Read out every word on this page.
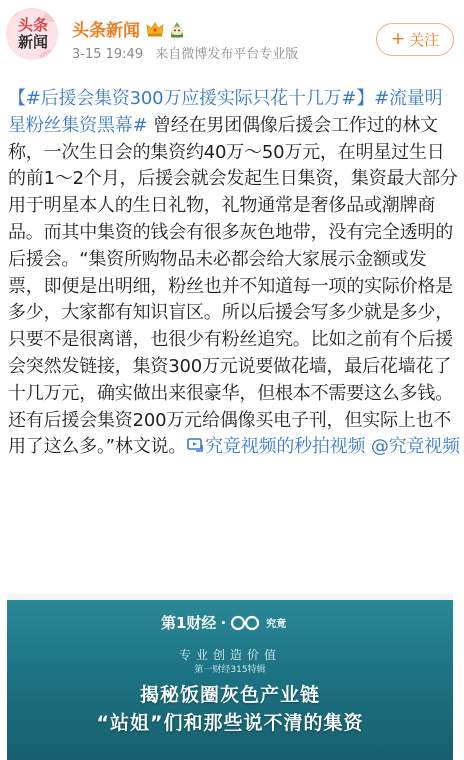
头条
新闻
头条新闻
3-15 19:49 来自微博发布平台专业版
+ 关注
【#后援会集资300万应援实际只花十几万#】#流量明星粉丝集资黑幕# 曾经在男团偶像后援会工作过的林文称，一次生日会的集资约40万～50万元，在明星过生日的前1～2个月，后援会就会发起生日集资，集资最大部分用于明星本人的生日礼物，礼物通常是奢侈品或潮牌商品。而其中集资的钱会有很多灰色地带，没有完全透明的后援会。“集资所购物品未必都会给大家展示金额或发票，即便是出明细，粉丝也并不知道每一项的实际价格是多少，大家都有知识盲区。所以后援会写多少就是多少，只要不是很离谱，也很少有粉丝追究。比如之前有个后援会突然发链接，集资300万元说要做花墙，最后花墙花了十几万元，确实做出来很豪华，但根本不需要这么多钱。还有后援会集资200万元给偶像买电子刊，但实际上也不用了这么多。”林文说。 究竟视频的秒拍视频 @究竟视频
第1财经 ·	究竟
专业创造价值
第一财经315特辑
揭秘饭圈灰色产业链
“站姐”们和那些说不清的集资
